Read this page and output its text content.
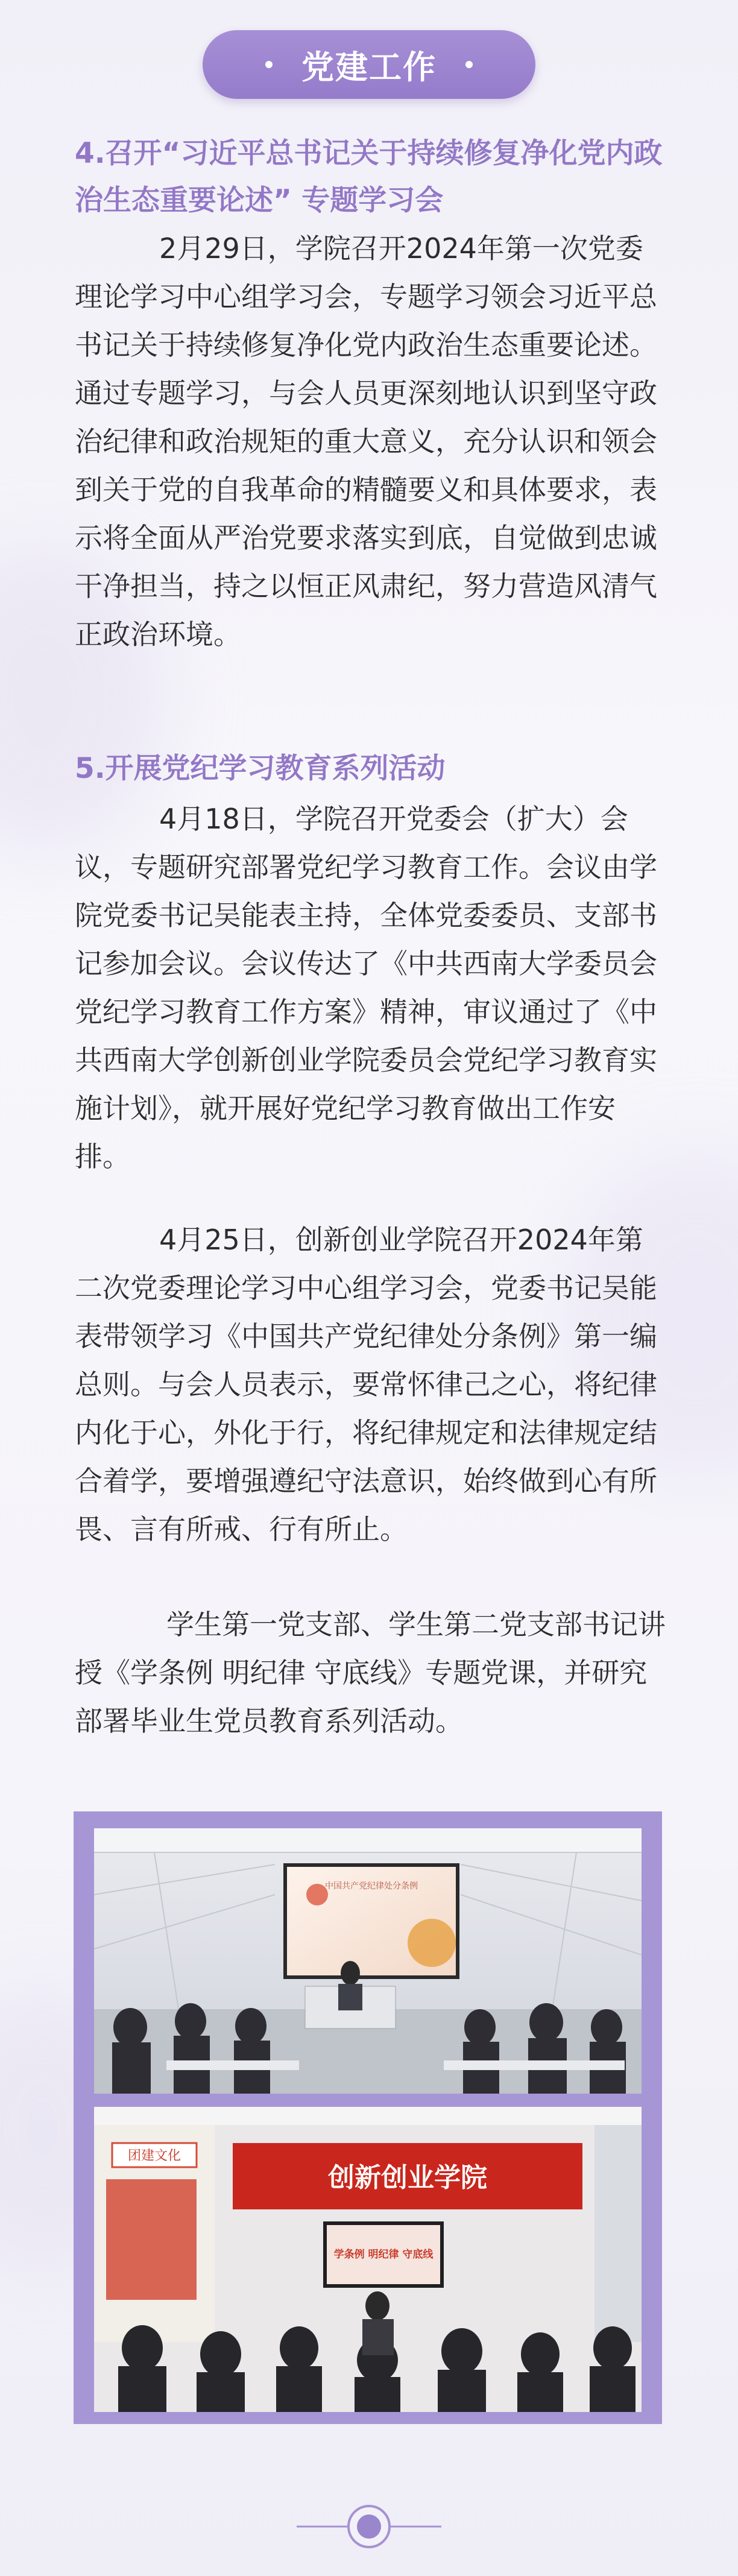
党建工作
4.召开“习近平总书记关于持续修复净化党内政治生态重要论述” 专题学习会

2月29日，学院召开2024年第一次党委理论学习中心组学习会，专题学习领会习近平总书记关于持续修复净化党内政治生态重要论述。通过专题学习，与会人员更深刻地认识到坚守政治纪律和政治规矩的重大意义，充分认识和领会到关于党的自我革命的精髓要义和具体要求，表示将全面从严治党要求落实到底，自觉做到忠诚干净担当，持之以恒正风肃纪，努力营造风清气正政治环境。

5.开展党纪学习教育系列活动

4月18日，学院召开党委会（扩大）会议，专题研究部署党纪学习教育工作。会议由学院党委书记吴能表主持，全体党委委员、支部书记参加会议。会议传达了《中共西南大学委员会党纪学习教育工作方案》精神，审议通过了《中共西南大学创新创业学院委员会党纪学习教育实施计划》，就开展好党纪学习教育做出工作安排。

4月25日，创新创业学院召开2024年第二次党委理论学习中心组学习会，党委书记吴能表带领学习《中国共产党纪律处分条例》第一编总则。与会人员表示，要常怀律己之心，将纪律内化于心，外化于行，将纪律规定和法律规定结合着学，要增强遵纪守法意识，始终做到心有所畏、言有所戒、行有所止。

学生第一党支部、学生第二党支部书记讲授《学条例 明纪律 守底线》专题党课，并研究部署毕业生党员教育系列活动。

中国共产党纪律处分条例
团建文化
创新创业学院
学条例 明纪律 守底线
